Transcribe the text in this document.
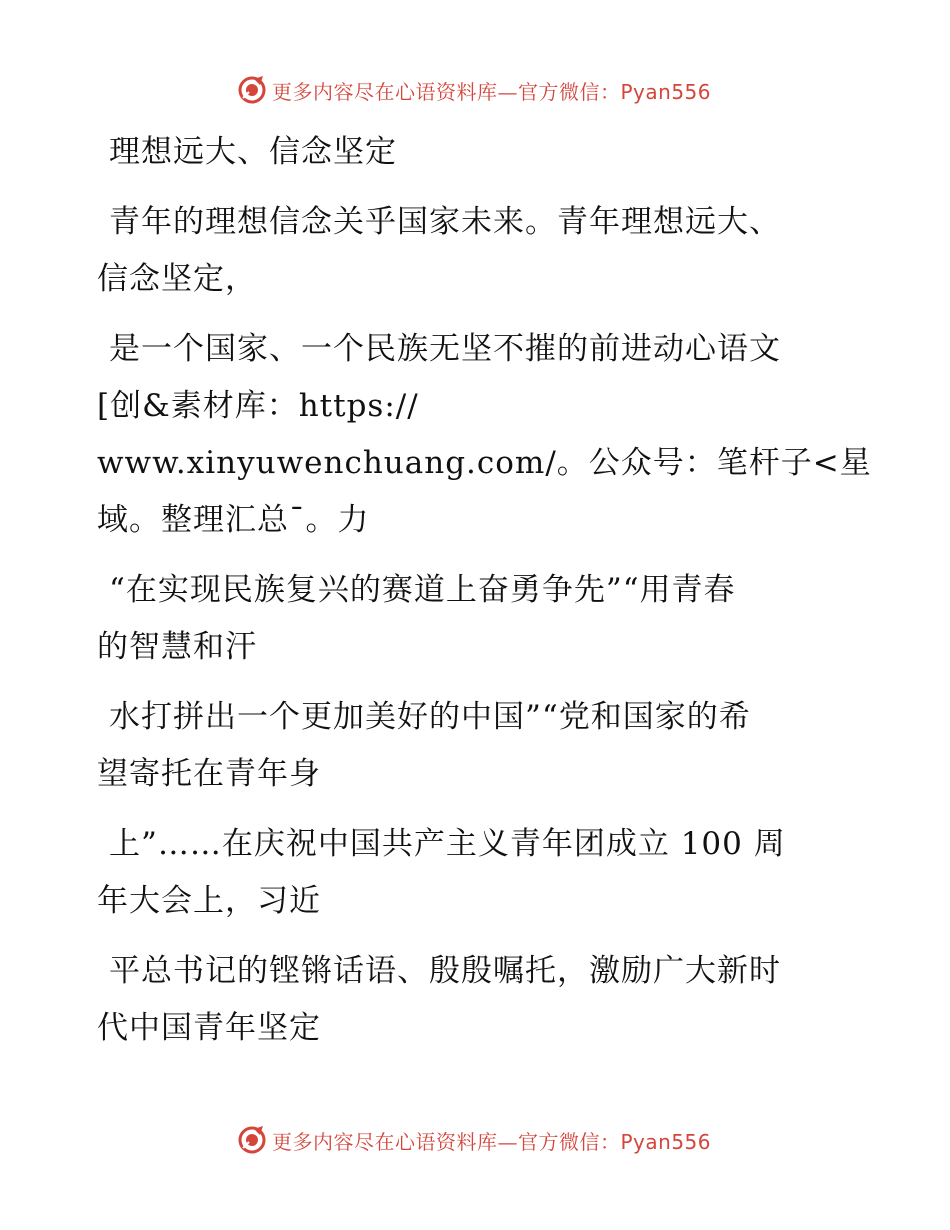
更多内容尽在心语资料库—官方微信：Pyan556
理想远大、信念坚定
青年的理想信念关乎国家未来。青年理想远大、
信念坚定，
是一个国家、一个民族无坚不摧的前进动心语文
[创&素材库：https://
www.xinyuwenchuang.com/。公众号：笔杆子<星
域。整理汇总¯。力
“在实现民族复兴的赛道上奋勇争先”“用青春
的智慧和汗
水打拼出一个更加美好的中国”“党和国家的希
望寄托在青年身
上”……在庆祝中国共产主义青年团成立 100 周
年大会上，习近
平总书记的铿锵话语、殷殷嘱托，激励广大新时
代中国青年坚定
更多内容尽在心语资料库—官方微信：Pyan556
